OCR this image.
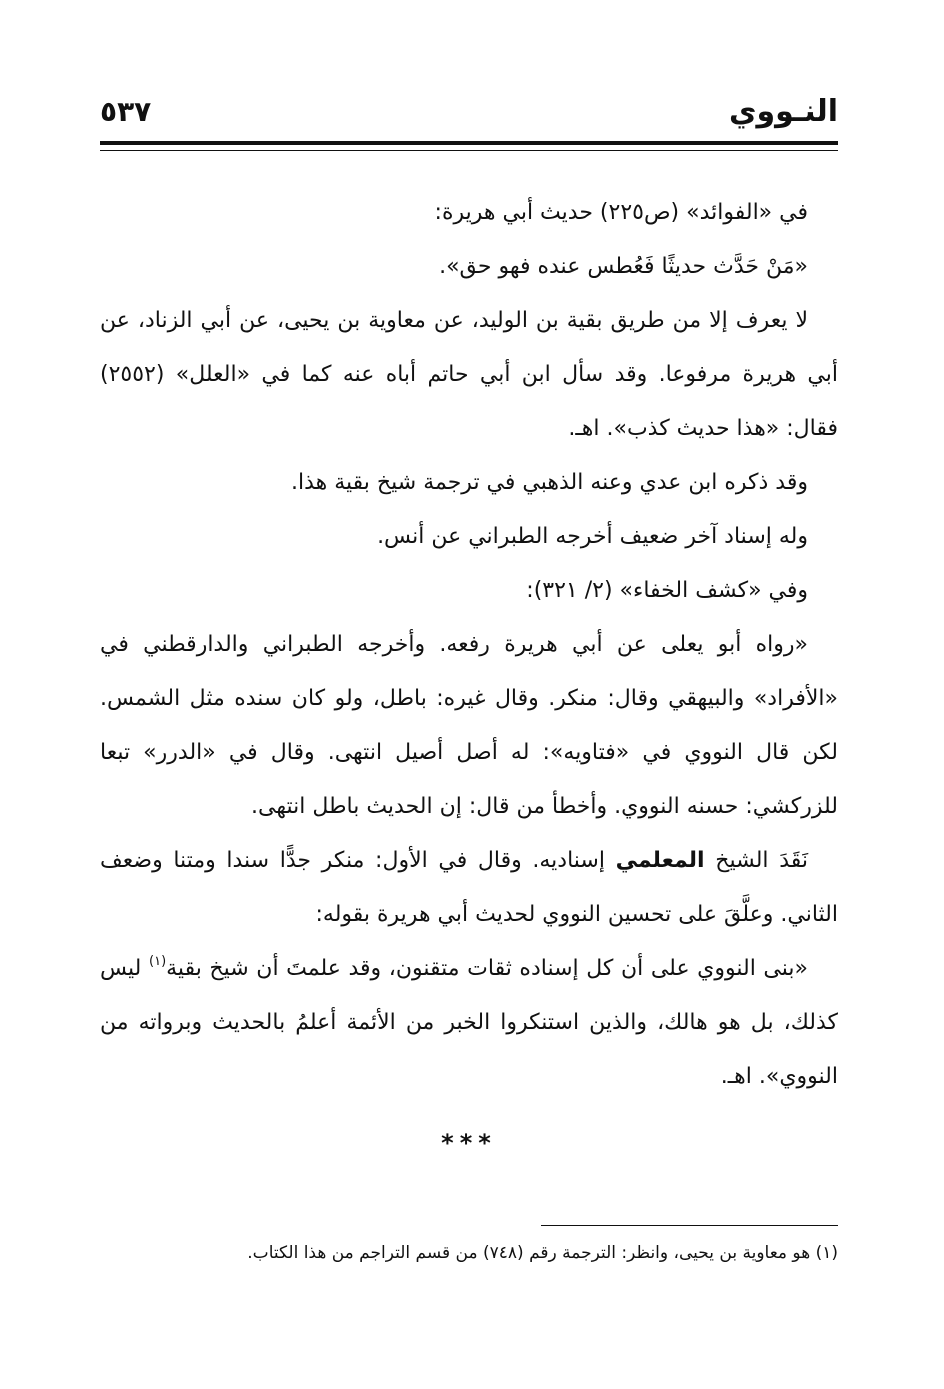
النـووي
٥٣٧

في «الفوائد» (ص٢٢٥) حديث أبي هريرة:

«مَنْ حَدَّث حديثًا فَعُطس عنده فهو حق».

لا يعرف إلا من طريق بقية بن الوليد، عن معاوية بن يحيى، عن أبي الزناد، عن أبي هريرة مرفوعا. وقد سأل ابن أبي حاتم أباه عنه كما في «العلل» (٢٥٥٢) فقال: «هذا حديث كذب». اهـ.

وقد ذكره ابن عدي وعنه الذهبي في ترجمة شيخ بقية هذا.

وله إسناد آخر ضعيف أخرجه الطبراني عن أنس.

وفي «كشف الخفاء» (٢/ ٣٢١):

«رواه أبو يعلى عن أبي هريرة رفعه. وأخرجه الطبراني والدارقطني في «الأفراد» والبيهقي وقال: منكر. وقال غيره: باطل، ولو كان سنده مثل الشمس. لكن قال النووي في «فتاويه»: له أصل أصيل انتهى. وقال في «الدرر» تبعا للزركشي: حسنه النووي. وأخطأ من قال: إن الحديث باطل انتهى.

نَقَدَ الشيخ المعلمي إسناديه. وقال في الأول: منكر جدًّا سندا ومتنا وضعف الثاني. وعلَّقَ على تحسين النووي لحديث أبي هريرة بقوله:

«بنى النووي على أن كل إسناده ثقات متقنون، وقد علمتَ أن شيخ بقية$^{(١)}$ ليس كذلك، بل هو هالك، والذين استنكروا الخبر من الأئمة أعلمُ بالحديث وبرواته من النووي». اهـ.

***
(١) هو معاوية بن يحيى، وانظر: الترجمة رقم (٧٤٨) من قسم التراجم من هذا الكتاب.
